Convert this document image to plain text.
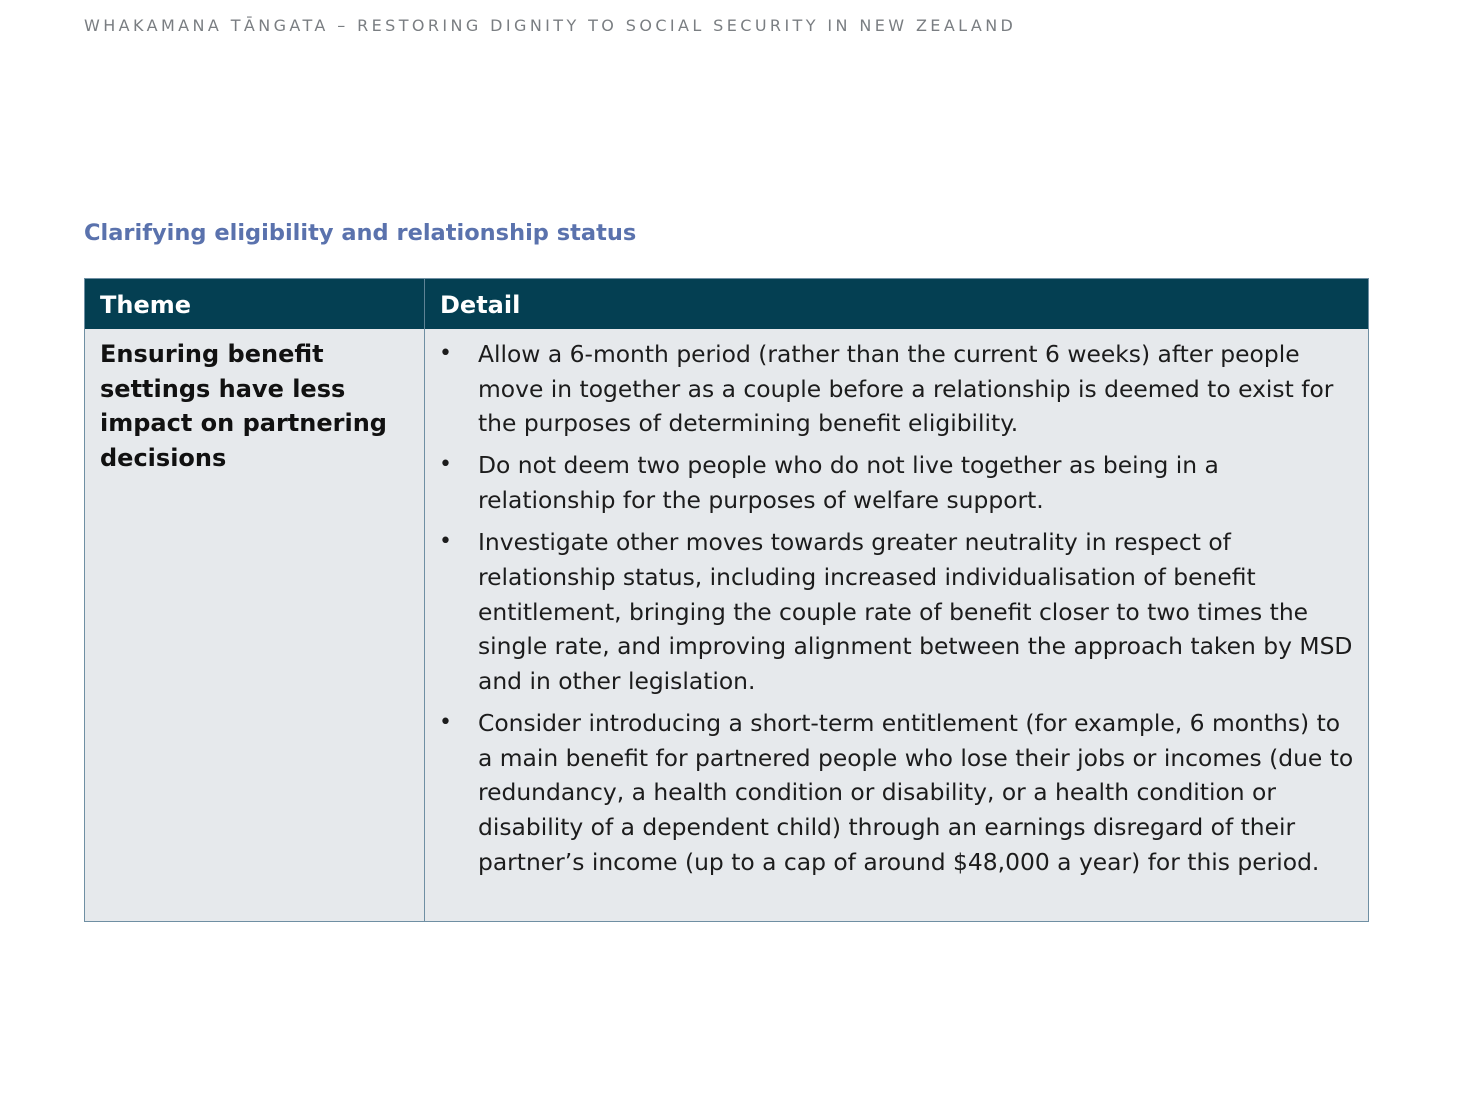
WHAKAMANA TĀNGATA – RESTORING DIGNITY TO SOCIAL SECURITY IN NEW ZEALAND
Clarifying eligibility and relationship status
Theme	Detail
Ensuring benefit settings have less impact on partnering decisions
• Allow a 6-month period (rather than the current 6 weeks) after people move in together as a couple before a relationship is deemed to exist for the purposes of determining benefit eligibility.
• Do not deem two people who do not live together as being in a relationship for the purposes of welfare support.
• Investigate other moves towards greater neutrality in respect of relationship status, including increased individualisation of benefit entitlement, bringing the couple rate of benefit closer to two times the single rate, and improving alignment between the approach taken by MSD and in other legislation.
• Consider introducing a short-term entitlement (for example, 6 months) to a main benefit for partnered people who lose their jobs or incomes (due to redundancy, a health condition or disability, or a health condition or disability of a dependent child) through an earnings disregard of their partner’s income (up to a cap of around $48,000 a year) for this period.
